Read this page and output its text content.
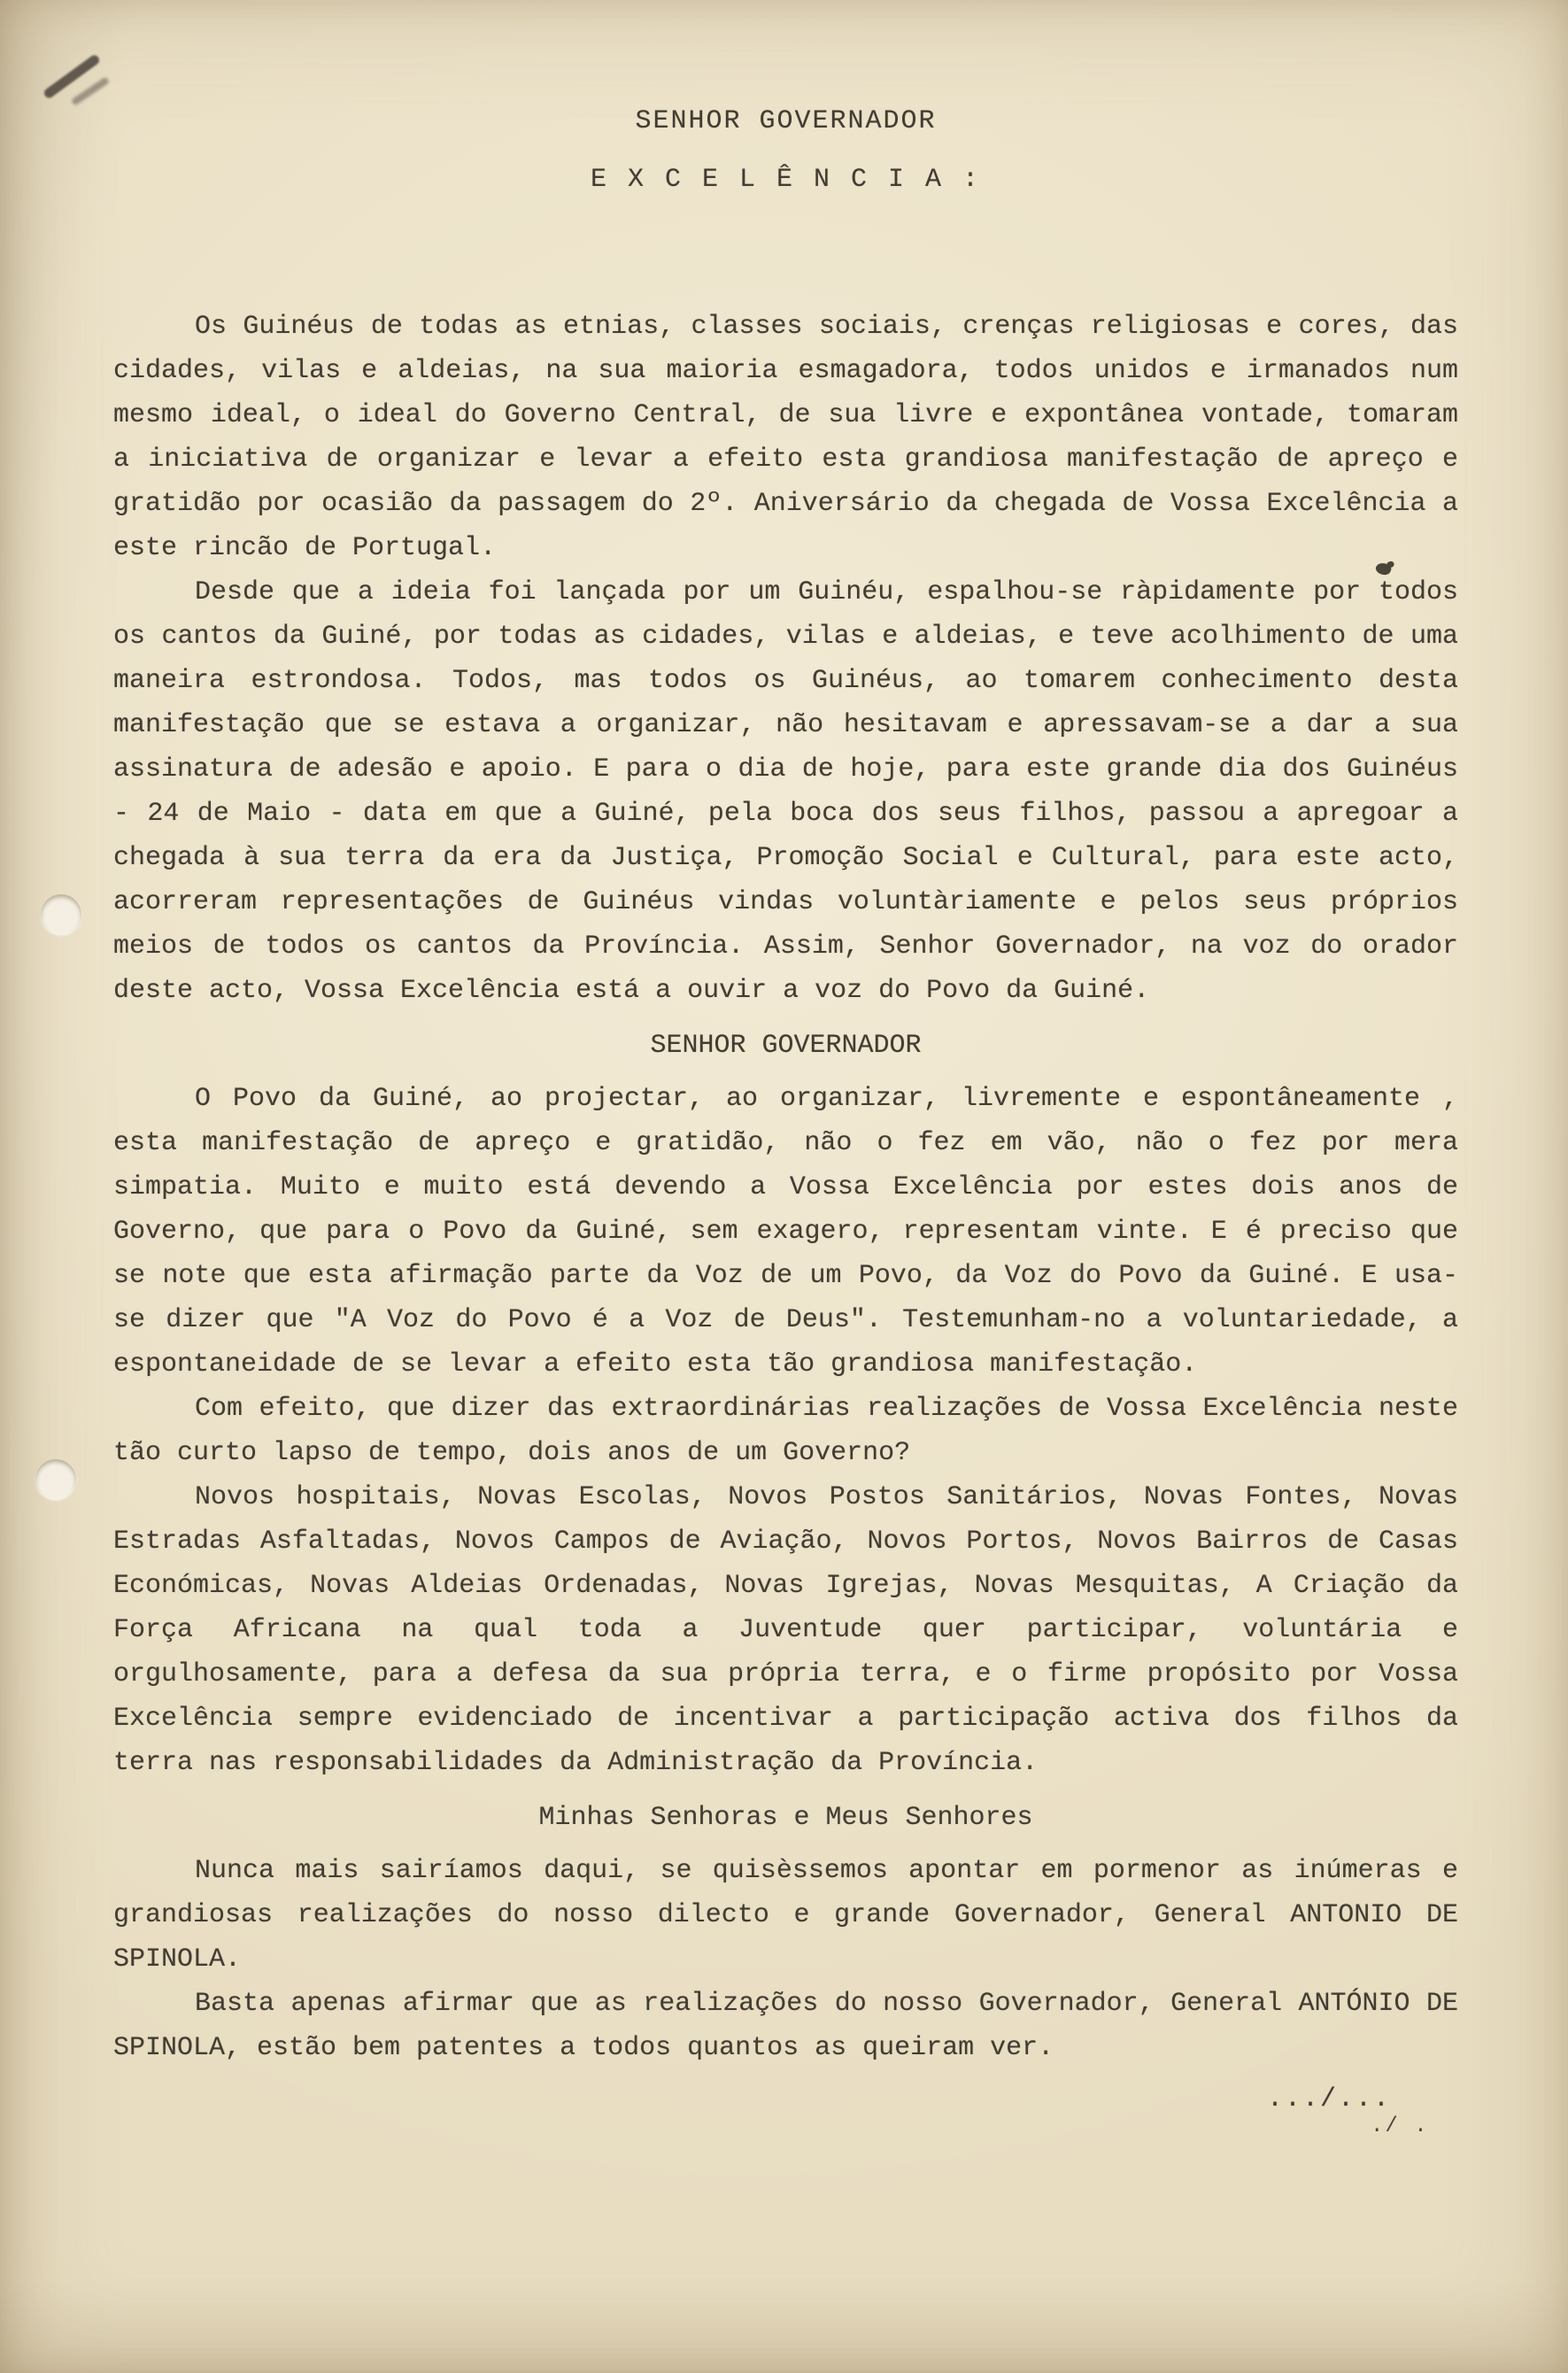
./ .
SENHOR GOVERNADOR
E X C E L Ê N C I A :

Os Guinéus de todas as etnias, classes sociais, crenças religiosas e cores, das cidades, vilas e aldeias, na sua maioria esmagadora, todos unidos e irmanados num mesmo ideal, o ideal do Governo Central, de sua livre e expontânea vontade, tomaram a iniciativa de organizar e levar a efeito esta grandiosa manifestação de apreço e gratidão por ocasião da passagem do 2º. Aniversário da chegada de Vossa Excelência a este rincão de Portugal.

Desde que a ideia foi lançada por um Guinéu, espalhou-se ràpidamente por todos os cantos da Guiné, por todas as cidades, vilas e aldeias, e teve acolhimento de uma maneira estrondosa. Todos, mas todos os Guinéus, ao tomarem conhecimento desta manifestação que se estava a organizar, não hesitavam e apressavam-se a dar a sua assinatura de adesão e apoio. E para o dia de hoje, para este grande dia dos Guinéus - 24 de Maio - data em que a Guiné, pela boca dos seus filhos, passou a apregoar a chegada à sua terra da era da Justiça, Promoção Social e Cultural, para este acto, acorreram representações de Guinéus vindas voluntàriamente e pelos seus próprios meios de todos os cantos da Província. Assim, Senhor Governador, na voz do orador deste acto, Vossa Excelência está a ouvir a voz do Povo da Guiné.

SENHOR GOVERNADOR

O Povo da Guiné, ao projectar, ao organizar, livremente e espontâneamente , esta manifestação de apreço e gratidão, não o fez em vão, não o fez por mera simpatia. Muito e muito está devendo a Vossa Excelência por estes dois anos de Governo, que para o Povo da Guiné, sem exagero, representam vinte. E é preciso que se note que esta afirmação parte da Voz de um Povo, da Voz do Povo da Guiné. E usa-se dizer que "A Voz do Povo é a Voz de Deus". Testemunham-no a voluntariedade, a espontaneidade de se levar a efeito esta tão grandiosa manifestação.

Com efeito, que dizer das extraordinárias realizações de Vossa Excelência neste tão curto lapso de tempo, dois anos de um Governo?

Novos hospitais, Novas Escolas, Novos Postos Sanitários, Novas Fontes, Novas Estradas Asfaltadas, Novos Campos de Aviação, Novos Portos, Novos Bairros de Casas Económicas, Novas Aldeias Ordenadas, Novas Igrejas, Novas Mesquitas, A Criação da Força Africana na qual toda a Juventude quer participar, voluntária e orgulhosamente, para a defesa da sua própria terra, e o firme propósito por Vossa Excelência sempre evidenciado de incentivar a participação activa dos filhos da terra nas responsabilidades da Administração da Província.

Minhas Senhoras e Meus Senhores

Nunca mais sairíamos daqui, se quisèssemos apontar em pormenor as inúmeras e grandiosas realizações do nosso dilecto e grande Governador, General ANTONIO DE SPINOLA.

Basta apenas afirmar que as realizações do nosso Governador, General ANTÓNIO DE SPINOLA, estão bem patentes a todos quantos as queiram ver.

.../...
